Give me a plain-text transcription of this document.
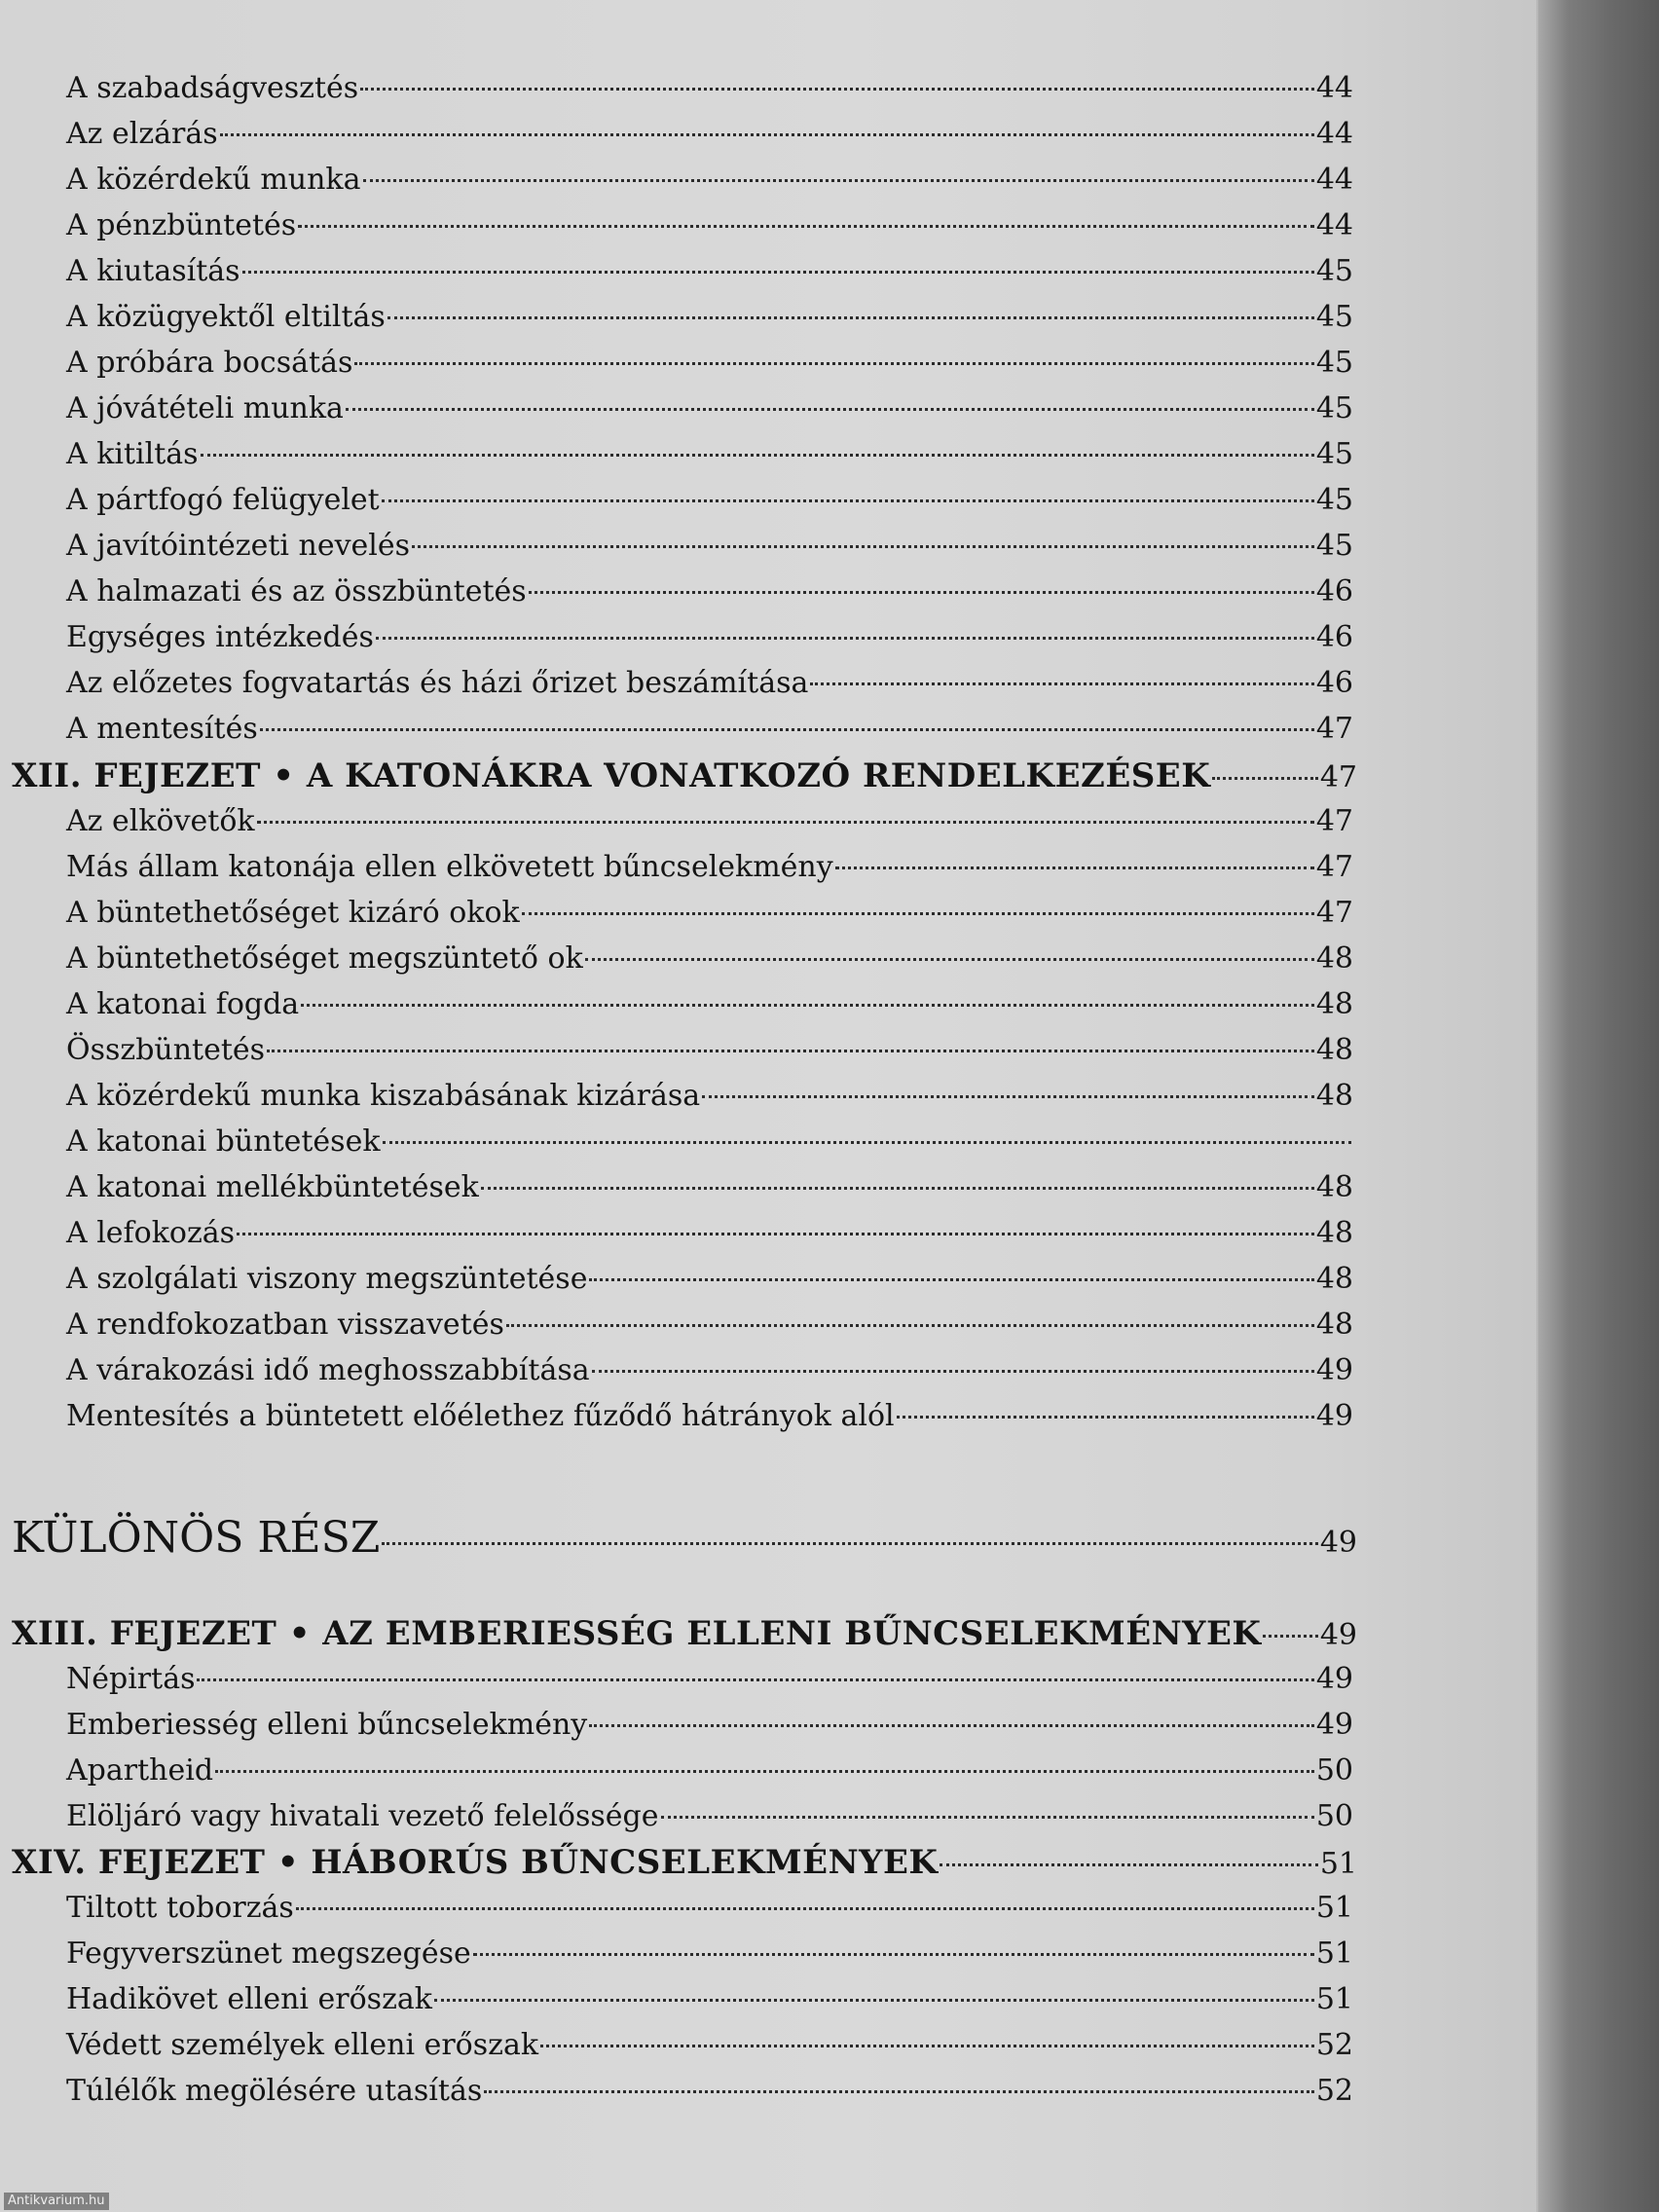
A szabadságvesztés	44
Az elzárás	44
A közérdekű munka	44
A pénzbüntetés	44
A kiutasítás	45
A közügyektől eltiltás	45
A próbára bocsátás	45
A jóvátételi munka	45
A kitiltás	45
A pártfogó felügyelet	45
A javítóintézeti nevelés	45
A halmazati és az összbüntetés	46
Egységes intézkedés	46
Az előzetes fogvatartás és házi őrizet beszámítása	46
A mentesítés	47
XII. FEJEZET • A KATONÁKRA VONATKOZÓ RENDELKEZÉSEK	47
Az elkövetők	47
Más állam katonája ellen elkövetett bűncselekmény	47
A büntethetőséget kizáró okok	47
A büntethetőséget megszüntető ok	48
A katonai fogda	48
Összbüntetés	48
A közérdekű munka kiszabásának kizárása	48
A katonai büntetések
A katonai mellékbüntetések	48
A lefokozás	48
A szolgálati viszony megszüntetése	48
A rendfokozatban visszavetés	48
A várakozási idő meghosszabbítása	49
Mentesítés a büntetett előélethez fűződő hátrányok alól	49
KÜLÖNÖS RÉSZ	49
XIII. FEJEZET • AZ EMBERIESSÉG ELLENI BŰNCSELEKMÉNYEK 49
Népirtás	49
Emberiesség elleni bűncselekmény	49
Apartheid	50
Elöljáró vagy hivatali vezető felelőssége	50
XIV. FEJEZET • HÁBORÚS BŰNCSELEKMÉNYEK	51
Tiltott toborzás	51
Fegyverszünet megszegése	51
Hadikövet elleni erőszak	51
Védett személyek elleni erőszak	52
Túlélők megölésére utasítás	52
Antikvarium.hu
